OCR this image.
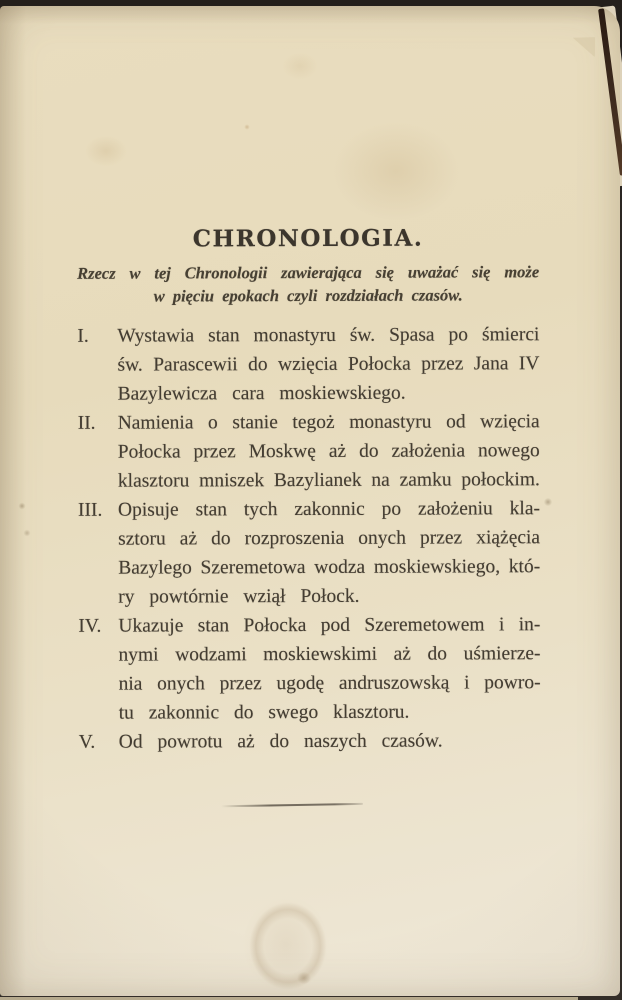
CHRONOLOGIA.
Rzecz w tej Chronologii zawierająca się uważać się może
w pięciu epokach czyli rozdziałach czasów.
I.	Wystawia stan monastyru św. Spasa po śmierci
św. Parascewii do wzięcia Połocka przez Jana IV
Bazylewicza cara moskiewskiego.
II.	Namienia o stanie tegoż monastyru od wzięcia
Połocka przez Moskwę aż do założenia nowego
klasztoru mniszek Bazylianek na zamku połockim.
III. Opisuje stan tych zakonnic po założeniu kla-
sztoru aż do rozproszenia onych przez xiążęcia
Bazylego Szeremetowa wodza moskiewskiego, któ-
ry powtórnie wziął Połock.
IV. Ukazuje stan Połocka pod Szeremetowem i in-
nymi wodzami moskiewskimi aż do uśmierze-
nia onych przez ugodę andruszowską i powro-
tu zakonnic do swego klasztoru.
V.	Od powrotu aż do naszych czasów.
